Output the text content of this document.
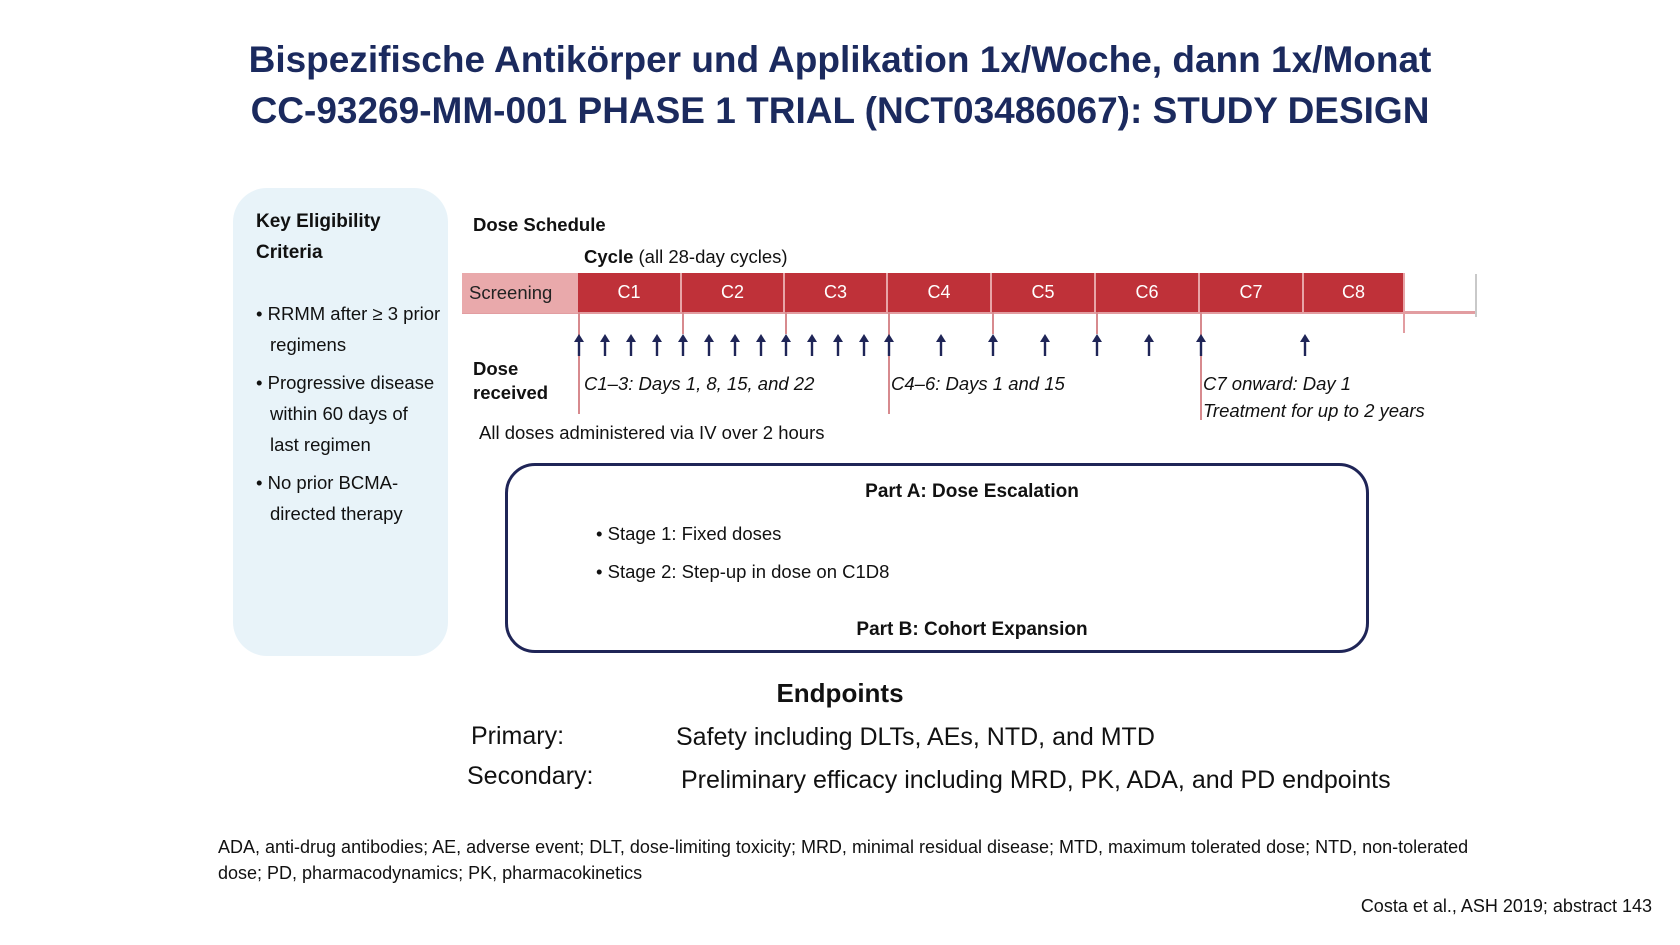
Bispezifische Antikörper und Applikation 1x/Woche, dann 1x/Monat
CC-93269-MM-001 PHASE 1 TRIAL (NCT03486067): STUDY DESIGN
Key Eligibility Criteria
• RRMM after ≥ 3 prior regimens
• Progressive disease within 60 days of last regimen
• No prior BCMA-directed therapy
Dose Schedule
Cycle (all 28-day cycles)
Screening	C1	C2	C3	C4	C5	C6	C7	C8
Dose received	C1–3: Days 1, 8, 15, and 22	C4–6: Days 1 and 15	C7 onward: Day 1
Treatment for up to 2 years
All doses administered via IV over 2 hours
Part A: Dose Escalation
• Stage 1: Fixed doses
• Stage 2: Step-up in dose on C1D8
Part B: Cohort Expansion
Endpoints
Primary:	Safety including DLTs, AEs, NTD, and MTD
Secondary:	Preliminary efficacy including MRD, PK, ADA, and PD endpoints
ADA, anti-drug antibodies; AE, adverse event; DLT, dose-limiting toxicity; MRD, minimal residual disease; MTD, maximum tolerated dose; NTD, non-tolerated dose; PD, pharmacodynamics; PK, pharmacokinetics
Costa et al., ASH 2019; abstract 143
